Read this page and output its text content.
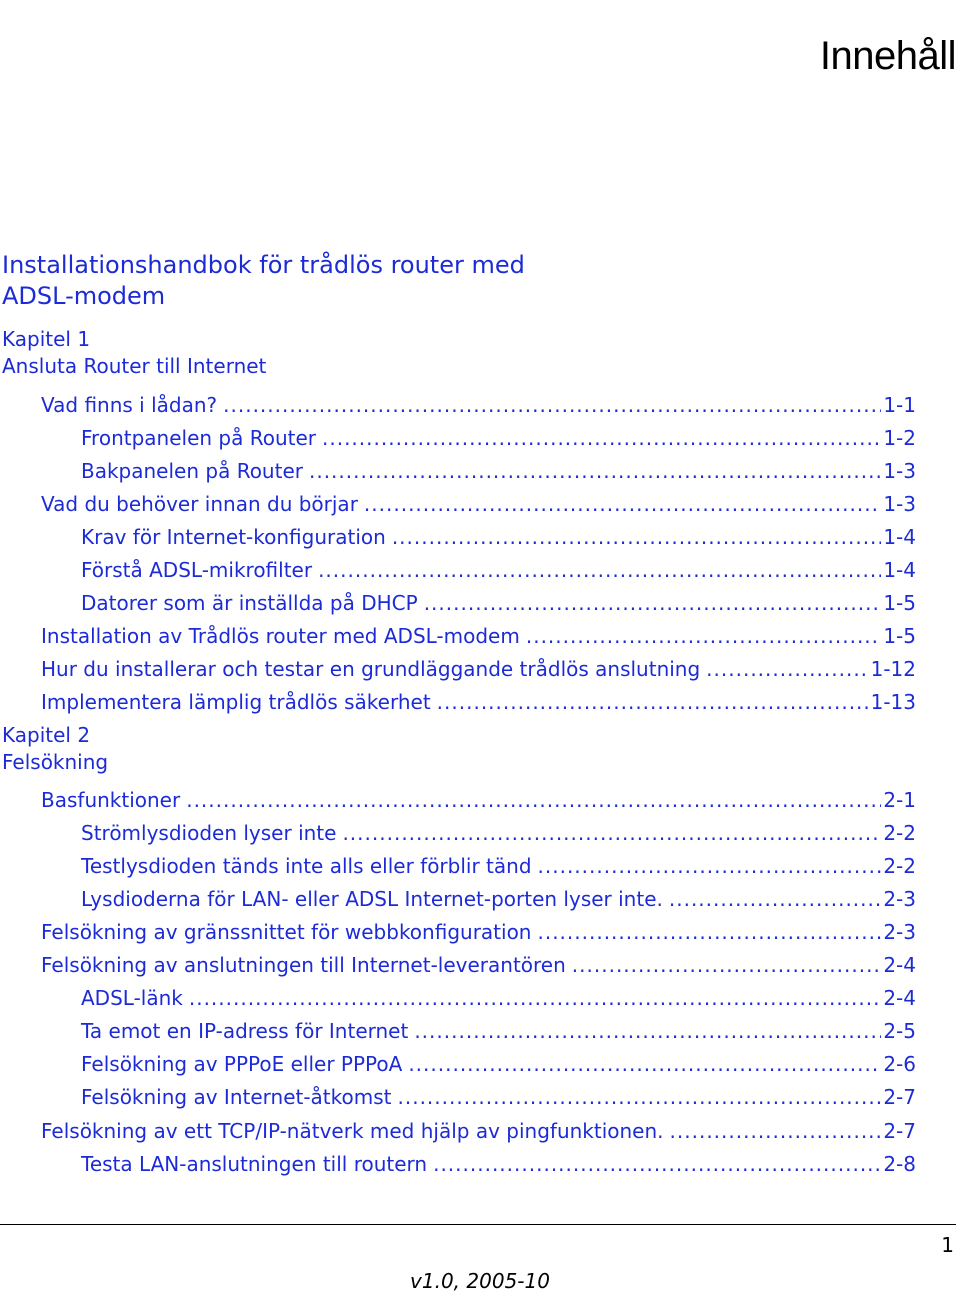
Innehåll
Installationshandbok för trådlös router med
ADSL-modem
Kapitel 1
Ansluta Router till Internet
Vad finns i lådan? .....	1-1
Frontpanelen på Router .....	1-2
Bakpanelen på Router .....	1-3
Vad du behöver innan du börjar .....	1-3
Krav för Internet-konfiguration .....	1-4
Förstå ADSL-mikrofilter .....	1-4
Datorer som är inställda på DHCP .....	1-5
Installation av Trådlös router med ADSL-modem .....	1-5
Hur du installerar och testar en grundläggande trådlös anslutning .....	1-12
Implementera lämplig trådlös säkerhet .....	1-13
Kapitel 2
Felsökning
Basfunktioner .....	2-1
Strömlysdioden lyser inte .....	2-2
Testlysdioden tänds inte alls eller förblir tänd .....	2-2
Lysdioderna för LAN- eller ADSL Internet-porten lyser inte. .....	2-3
Felsökning av gränssnittet för webbkonfiguration .....	2-3
Felsökning av anslutningen till Internet-leverantören .....	2-4
ADSL-länk .....	2-4
Ta emot en IP-adress för Internet .....	2-5
Felsökning av PPPoE eller PPPoA .....	2-6
Felsökning av Internet-åtkomst .....	2-7
Felsökning av ett TCP/IP-nätverk med hjälp av pingfunktionen. .....	2-7
Testa LAN-anslutningen till routern .....	2-8
1
v1.0, 2005-10
